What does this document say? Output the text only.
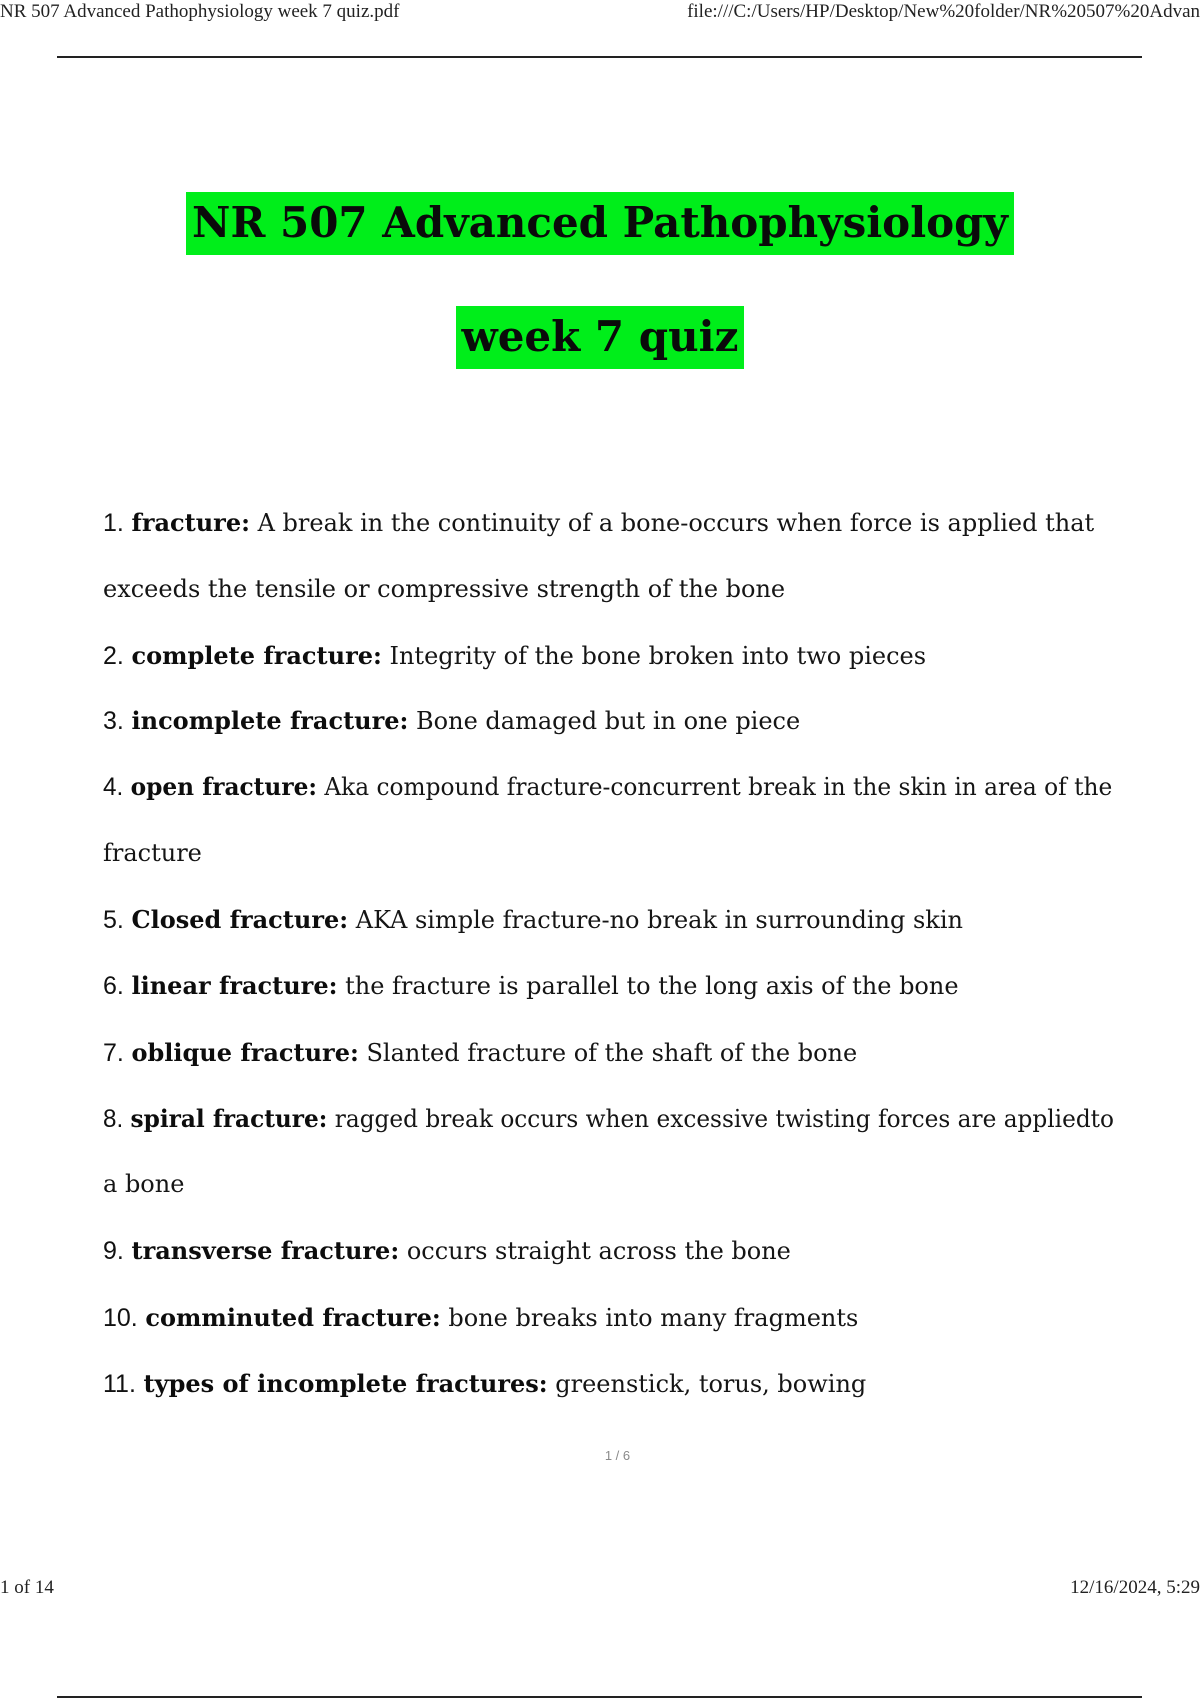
NR 507 Advanced Pathophysiology week 7 quiz.pdf	file:///C:/Users/HP/Desktop/New%20folder/NR%20507%20Advan
NR 507 Advanced Pathophysiology
week 7 quiz
1. fracture: A break in the continuity of a bone-occurs when force is applied that
exceeds the tensile or compressive strength of the bone
2. complete fracture: Integrity of the bone broken into two pieces
3. incomplete fracture: Bone damaged but in one piece
4. open fracture: Aka compound fracture-concurrent break in the skin in area of the
fracture
5. Closed fracture: AKA simple fracture-no break in surrounding skin
6. linear fracture: the fracture is parallel to the long axis of the bone
7. oblique fracture: Slanted fracture of the shaft of the bone
8. spiral fracture: ragged break occurs when excessive twisting forces are appliedto
a bone
9. transverse fracture: occurs straight across the bone
10. comminuted fracture: bone breaks into many fragments
11. types of incomplete fractures: greenstick, torus, bowing
1 / 6
1 of 14	12/16/2024, 5:29
